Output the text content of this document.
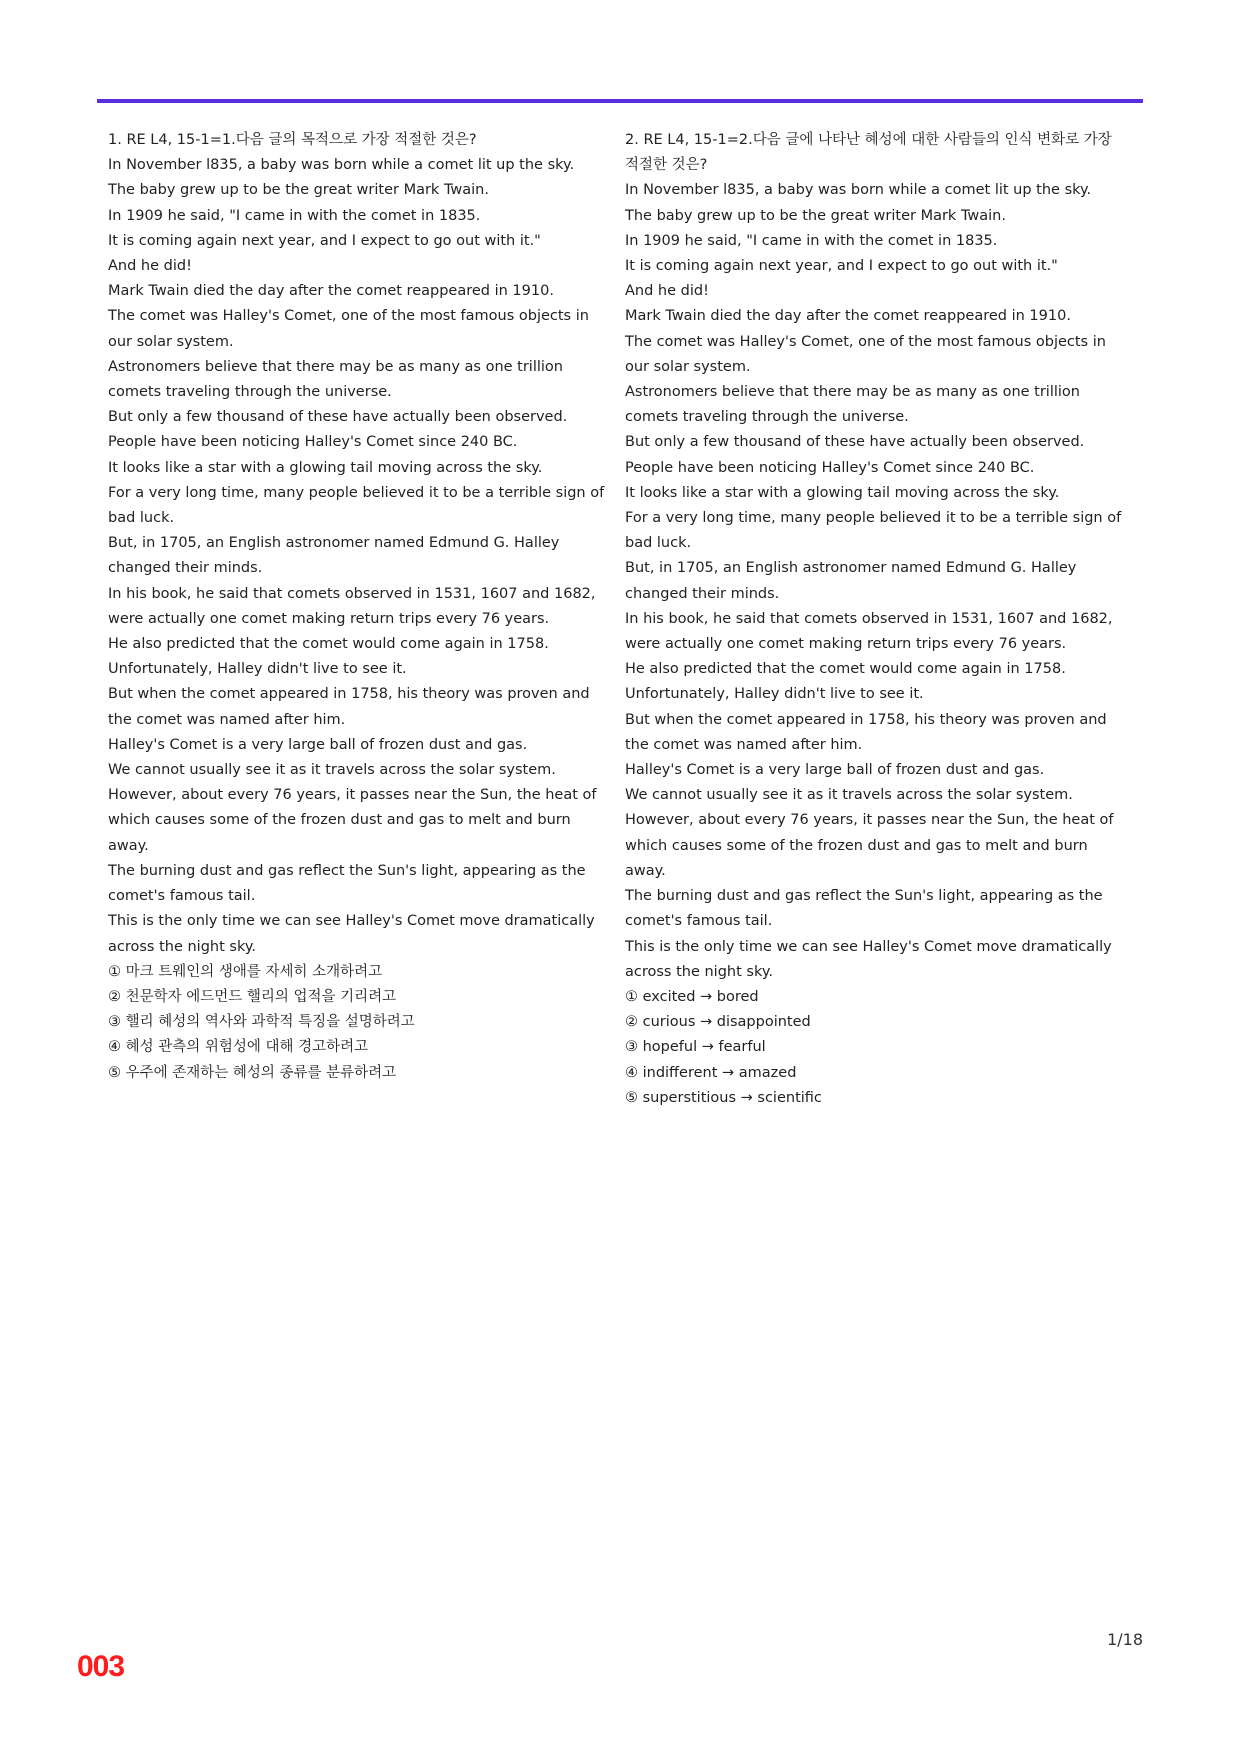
1. RE L4, 15-1=1.다음 글의 목적으로 가장 적절한 것은?
In November l835, a baby was born while a comet lit up the sky.
The baby grew up to be the great writer Mark Twain.
In 1909 he said, "I came in with the comet in 1835.
It is coming again next year, and I expect to go out with it."
And he did!
Mark Twain died the day after the comet reappeared in 1910.
The comet was Halley's Comet, one of the most famous objects in our solar system.
Astronomers believe that there may be as many as one trillion comets traveling through the universe.
But only a few thousand of these have actually been observed.
People have been noticing Halley's Comet since 240 BC.
It looks like a star with a glowing tail moving across the sky.
For a very long time, many people believed it to be a terrible sign of bad luck.
But, in 1705, an English astronomer named Edmund G. Halley changed their minds.
In his book, he said that comets observed in 1531, 1607 and 1682, were actually one comet making return trips every 76 years.
He also predicted that the comet would come again in 1758.
Unfortunately, Halley didn't live to see it.
But when the comet appeared in 1758, his theory was proven and the comet was named after him.
Halley's Comet is a very large ball of frozen dust and gas.
We cannot usually see it as it travels across the solar system.
However, about every 76 years, it passes near the Sun, the heat of which causes some of the frozen dust and gas to melt and burn away.
The burning dust and gas reflect the Sun's light, appearing as the comet's famous tail.
This is the only time we can see Halley's Comet move dramatically across the night sky.
① 마크 트웨인의 생애를 자세히 소개하려고
② 천문학자 에드먼드 핼리의 업적을 기리려고
③ 핼리 혜성의 역사와 과학적 특징을 설명하려고
④ 혜성 관측의 위험성에 대해 경고하려고
⑤ 우주에 존재하는 혜성의 종류를 분류하려고
2. RE L4, 15-1=2.다음 글에 나타난 혜성에 대한 사람들의 인식 변화로 가장 적절한 것은?
In November l835, a baby was born while a comet lit up the sky.
The baby grew up to be the great writer Mark Twain.
In 1909 he said, "I came in with the comet in 1835.
It is coming again next year, and I expect to go out with it."
And he did!
Mark Twain died the day after the comet reappeared in 1910.
The comet was Halley's Comet, one of the most famous objects in our solar system.
Astronomers believe that there may be as many as one trillion comets traveling through the universe.
But only a few thousand of these have actually been observed.
People have been noticing Halley's Comet since 240 BC.
It looks like a star with a glowing tail moving across the sky.
For a very long time, many people believed it to be a terrible sign of bad luck.
But, in 1705, an English astronomer named Edmund G. Halley changed their minds.
In his book, he said that comets observed in 1531, 1607 and 1682, were actually one comet making return trips every 76 years.
He also predicted that the comet would come again in 1758.
Unfortunately, Halley didn't live to see it.
But when the comet appeared in 1758, his theory was proven and the comet was named after him.
Halley's Comet is a very large ball of frozen dust and gas.
We cannot usually see it as it travels across the solar system.
However, about every 76 years, it passes near the Sun, the heat of which causes some of the frozen dust and gas to melt and burn away.
The burning dust and gas reflect the Sun's light, appearing as the comet's famous tail.
This is the only time we can see Halley's Comet move dramatically across the night sky.
① excited → bored
② curious → disappointed
③ hopeful → fearful
④ indifferent → amazed
⑤ superstitious → scientific
1/18
003
